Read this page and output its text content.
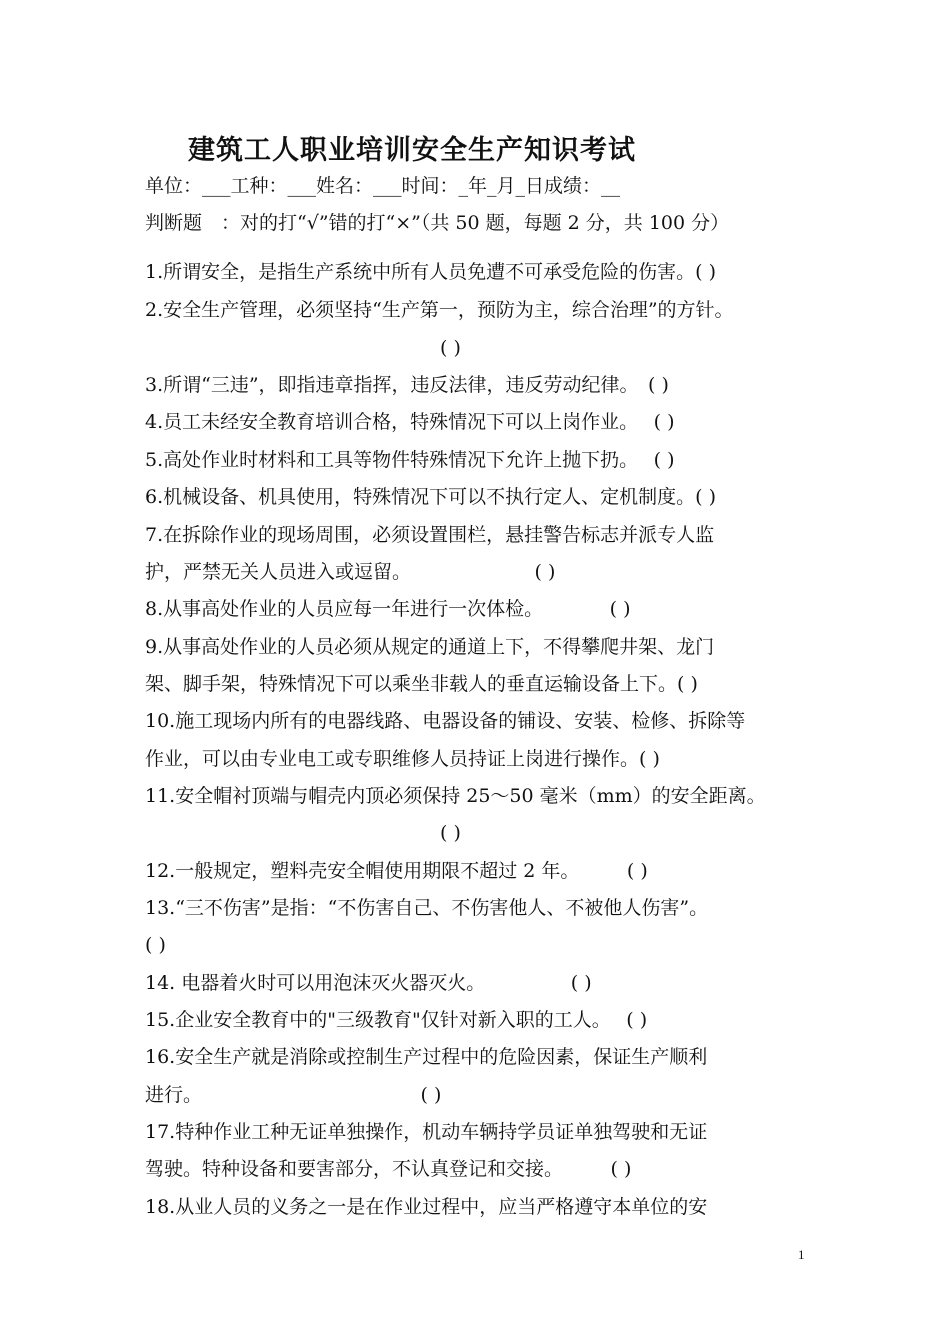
建筑工人职业培训安全生产知识考试
单位：___工种：___姓名：___时间：_年_月_日成绩：__
判断题　：对的打“√”错的打“×”（共 50 题，每题 2 分，共 100 分）
1.所谓安全，是指生产系统中所有人员免遭不可承受危险的伤害。( )
2.安全生产管理，必须坚持“生产第一，预防为主，综合治理”的方针。
( )
3.所谓“三违”，即指违章指挥，违反法律，违反劳动纪律。　( )
4.员工未经安全教育培训合格，特殊情况下可以上岗作业。　 ( )
5.高处作业时材料和工具等物件特殊情况下允许上抛下扔。　 ( )
6.机械设备、机具使用，特殊情况下可以不执行定人、定机制度。( )
7.在拆除作业的现场周围，必须设置围栏，悬挂警告标志并派专人监
护，严禁无关人员进入或逗留。　　　　　　　( )
8.从事高处作业的人员应每一年进行一次体检。　　　　( )
9.从事高处作业的人员必须从规定的通道上下，不得攀爬井架、龙门
架、脚手架，特殊情况下可以乘坐非载人的垂直运输设备上下。( )
10.施工现场内所有的电器线路、电器设备的铺设、安装、检修、拆除等
作业，可以由专业电工或专职维修人员持证上岗进行操作。( )
11.安全帽衬顶端与帽壳内顶必须保持 25～50 毫米（mm）的安全距离。
( )
12.一般规定，塑料壳安全帽使用期限不超过 2 年。　　　( )
13.“三不伤害”是指：“不伤害自己、不伤害他人、不被他人伤害”。
( )
14. 电器着火时可以用泡沫灭火器灭火。　　　　　( )
15.企业安全教育中的"三级教育"仅针对新入职的工人。　 ( )
16.安全生产就是消除或控制生产过程中的危险因素，保证生产顺利
进行。　　　　　　　　　　　　( )
17.特种作业工种无证单独操作，机动车辆持学员证单独驾驶和无证
驾驶。特种设备和要害部分，不认真登记和交接。　　　( )
18.从业人员的义务之一是在作业过程中，应当严格遵守本单位的安
1
